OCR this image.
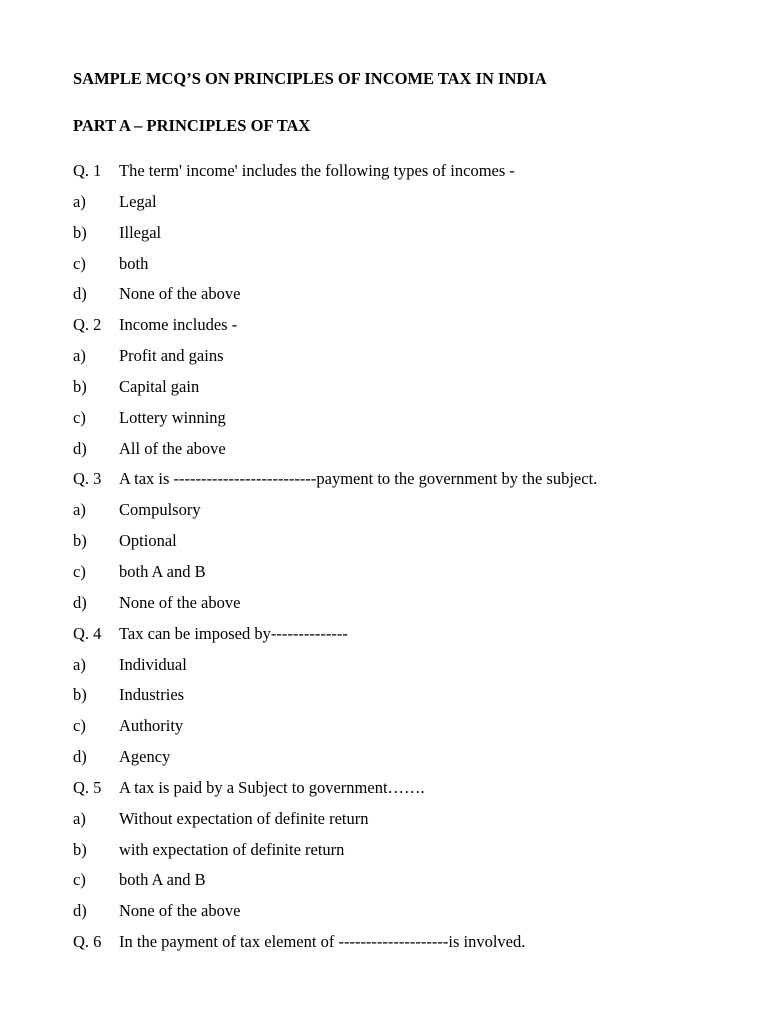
SAMPLE MCQ’S ON PRINCIPLES OF INCOME TAX IN INDIA
PART A – PRINCIPLES OF TAX
Q. 1	The term' income' includes the following types of incomes -
a)	Legal
b)	Illegal
c)	both
d)	None of the above
Q. 2	Income includes -
a)	Profit and gains
b)	Capital gain
c)	Lottery winning
d)	All of the above
Q. 3	A tax is --------------------------payment to the government by the subject.
a)	Compulsory
b)	Optional
c)	both A and B
d)	None of the above
Q. 4	Tax can be imposed by--------------
a)	Individual
b)	Industries
c)	Authority
d)	Agency
Q. 5	A tax is paid by a Subject to government…….
a)	Without expectation of definite return
b)	with expectation of definite return
c)	both A and B
d)	None of the above
Q. 6	In the payment of tax element of --------------------is involved.
